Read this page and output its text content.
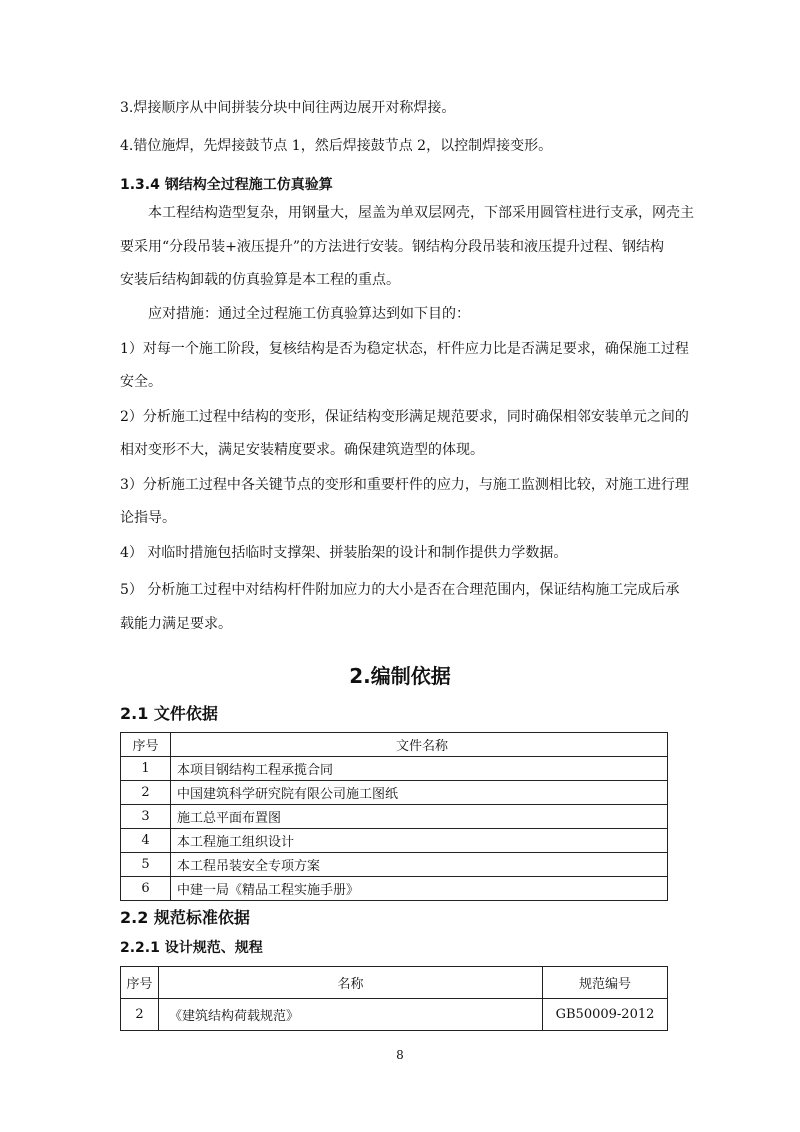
3.焊接顺序从中间拼装分块中间往两边展开对称焊接。
4.错位施焊，先焊接鼓节点 1，然后焊接鼓节点 2，以控制焊接变形。
1.3.4 钢结构全过程施工仿真验算
本工程结构造型复杂，用钢量大，屋盖为单双层网壳，下部采用圆管柱进行支承，网壳主
要采用“分段吊装+液压提升”的方法进行安装。钢结构分段吊装和液压提升过程、钢结构
安装后结构卸载的仿真验算是本工程的重点。
应对措施：通过全过程施工仿真验算达到如下目的：
1）对每一个施工阶段，复核结构是否为稳定状态，杆件应力比是否满足要求，确保施工过程
安全。
2）分析施工过程中结构的变形，保证结构变形满足规范要求，同时确保相邻安装单元之间的
相对变形不大，满足安装精度要求。确保建筑造型的体现。
3）分析施工过程中各关键节点的变形和重要杆件的应力，与施工监测相比较，对施工进行理
论指导。
4） 对临时措施包括临时支撑架、拼装胎架的设计和制作提供力学数据。
5） 分析施工过程中对结构杆件附加应力的大小是否在合理范围内，保证结构施工完成后承
载能力满足要求。
2.编制依据
2.1 文件依据
序号	文件名称
1	本项目钢结构工程承揽合同
2	中国建筑科学研究院有限公司施工图纸
3	施工总平面布置图
4	本工程施工组织设计
5	本工程吊装安全专项方案
6	中建一局《精品工程实施手册》
2.2 规范标准依据
2.2.1 设计规范、规程
序号	名称	规范编号
2	《建筑结构荷载规范》	GB50009-2012
8
